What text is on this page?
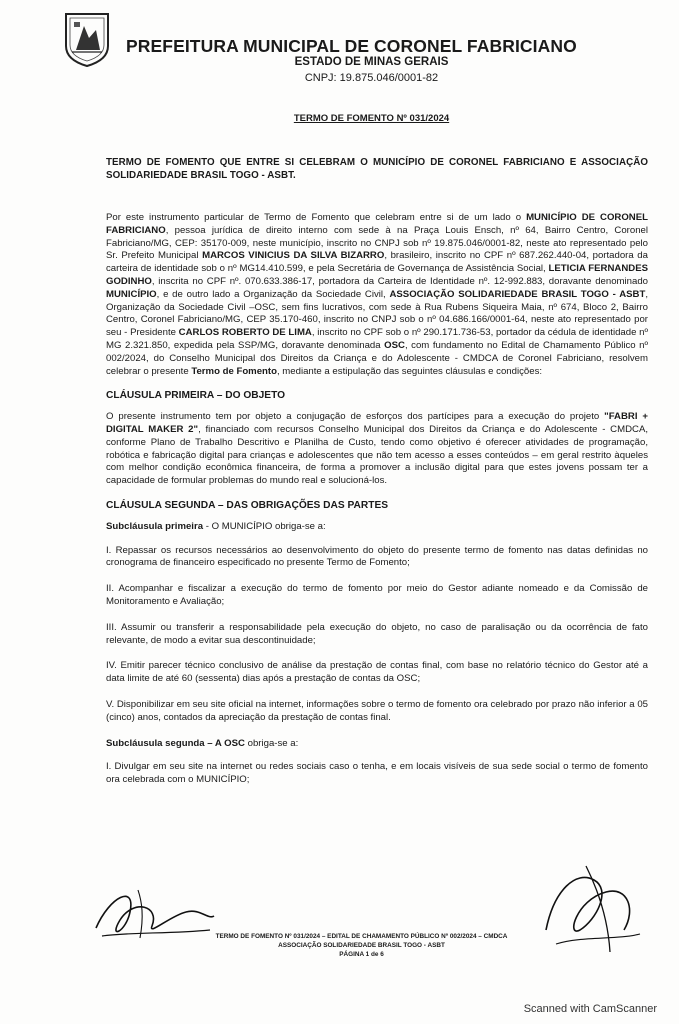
PREFEITURA MUNICIPAL DE CORONEL FABRICIANO
ESTADO DE MINAS GERAIS
CNPJ: 19.875.046/0001-82
TERMO DE FOMENTO Nº 031/2024
TERMO DE FOMENTO QUE ENTRE SI CELEBRAM O MUNICÍPIO DE CORONEL FABRICIANO E ASSOCIAÇÃO SOLIDARIEDADE BRASIL TOGO - ASBT.
Por este instrumento particular de Termo de Fomento que celebram entre si de um lado o MUNICÍPIO DE CORONEL FABRICIANO, pessoa jurídica de direito interno com sede à na Praça Louis Ensch, nº 64, Bairro Centro, Coronel Fabriciano/MG, CEP: 35170-009, neste município, inscrito no CNPJ sob nº 19.875.046/0001-82, neste ato representado pelo Sr. Prefeito Municipal MARCOS VINICIUS DA SILVA BIZARRO, brasileiro, inscrito no CPF nº 687.262.440-04, portadora da carteira de identidade sob o nº MG14.410.599, e pela Secretária de Governança de Assistência Social, LETICIA FERNANDES GODINHO, inscrita no CPF nº. 070.633.386-17, portadora da Carteira de Identidade nº. 12-992.883, doravante denominado MUNICÍPIO, e de outro lado a Organização da Sociedade Civil, ASSOCIAÇÃO SOLIDARIEDADE BRASIL TOGO - ASBT, Organização da Sociedade Civil –OSC, sem fins lucrativos, com sede à Rua Rubens Siqueira Maia, nº 674, Bloco 2, Bairro Centro, Coronel Fabriciano/MG, CEP 35.170-460, inscrito no CNPJ sob o nº 04.686.166/0001-64, neste ato representado por seu - Presidente CARLOS ROBERTO DE LIMA, inscrito no CPF sob o nº 290.171.736-53, portador da cédula de identidade nº MG 2.321.850, expedida pela SSP/MG, doravante denominada OSC, com fundamento no Edital de Chamamento Público nº 002/2024, do Conselho Municipal dos Direitos da Criança e do Adolescente - CMDCA de Coronel Fabriciano, resolvem celebrar o presente Termo de Fomento, mediante a estipulação das seguintes cláusulas e condições:
CLÁUSULA PRIMEIRA – DO OBJETO
O presente instrumento tem por objeto a conjugação de esforços dos partícipes para a execução do projeto "FABRI + DIGITAL MAKER 2", financiado com recursos Conselho Municipal dos Direitos da Criança e do Adolescente - CMDCA, conforme Plano de Trabalho Descritivo e Planilha de Custo, tendo como objetivo é oferecer atividades de programação, robótica e fabricação digital para crianças e adolescentes que não tem acesso a esses conteúdos – em geral restrito àqueles com melhor condição econômica financeira, de forma a promover a inclusão digital para que estes jovens possam ter a capacidade de formular problemas do mundo real e solucioná-los.
CLÁUSULA SEGUNDA – DAS OBRIGAÇÕES DAS PARTES
Subcláusula primeira - O MUNICÍPIO obriga-se a:
I. Repassar os recursos necessários ao desenvolvimento do objeto do presente termo de fomento nas datas definidas no cronograma de financeiro especificado no presente Termo de Fomento;
II. Acompanhar e fiscalizar a execução do termo de fomento por meio do Gestor adiante nomeado e da Comissão de Monitoramento e Avaliação;
III. Assumir ou transferir a responsabilidade pela execução do objeto, no caso de paralisação ou da ocorrência de fato relevante, de modo a evitar sua descontinuidade;
IV. Emitir parecer técnico conclusivo de análise da prestação de contas final, com base no relatório técnico do Gestor até a data limite de até 60 (sessenta) dias após a prestação de contas da OSC;
V. Disponibilizar em seu site oficial na internet, informações sobre o termo de fomento ora celebrado por prazo não inferior a 05 (cinco) anos, contados da apreciação da prestação de contas final.
Subcláusula segunda – A OSC obriga-se a:
I. Divulgar em seu site na internet ou redes sociais caso o tenha, e em locais visíveis de sua sede social o termo de fomento ora celebrada com o MUNICÍPIO;
TERMO DE FOMENTO Nº 031/2024 – EDITAL DE CHAMAMENTO PÚBLICO Nº 002/2024 – CMDCA
ASSOCIAÇÃO SOLIDARIEDADE BRASIL TOGO - ASBT
PÁGINA 1 de 6
Scanned with CamScanner
